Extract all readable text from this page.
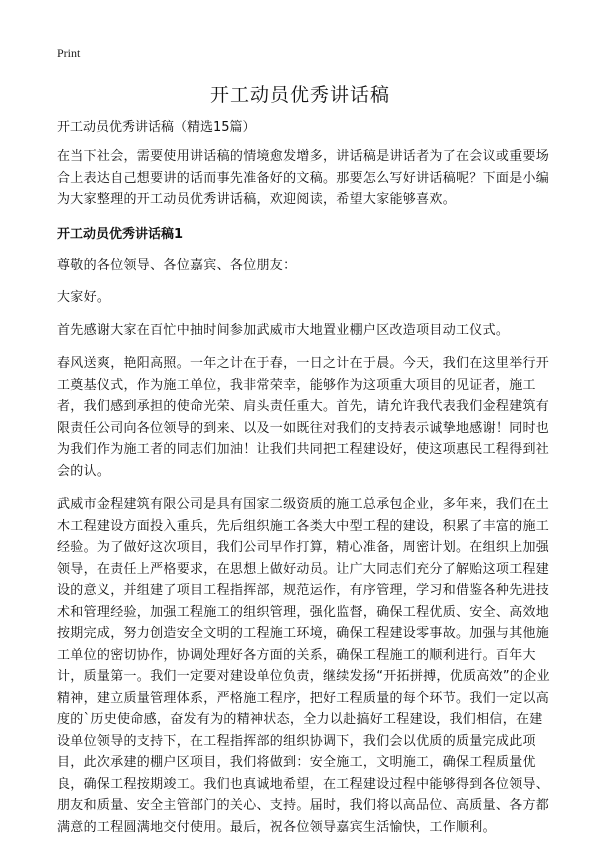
Print
开工动员优秀讲话稿

开工动员优秀讲话稿（精选15篇）

在当下社会，需要使用讲话稿的情境愈发增多，讲话稿是讲话者为了在会议或重要场合上表达自己想要讲的话而事先准备好的文稿。那要怎么写好讲话稿呢？下面是小编为大家整理的开工动员优秀讲话稿，欢迎阅读，希望大家能够喜欢。

开工动员优秀讲话稿1

尊敬的各位领导、各位嘉宾、各位朋友：

大家好。

首先感谢大家在百忙中抽时间参加武威市大地置业棚户区改造项目动工仪式。

春风送爽，艳阳高照。一年之计在于春，一日之计在于晨。今天，我们在这里举行开工奠基仪式，作为施工单位，我非常荣幸，能够作为这项重大项目的见证者，施工者，我们感到承担的使命光荣、肩头责任重大。首先，请允许我代表我们金程建筑有限责任公司向各位领导的到来、以及一如既往对我们的支持表示诚挚地感谢！同时也为我们作为施工者的同志们加油！让我们共同把工程建设好，使这项惠民工程得到社会的认。

武威市金程建筑有限公司是具有国家二级资质的施工总承包企业，多年来，我们在土木工程建设方面投入重兵，先后组织施工各类大中型工程的建设，积累了丰富的施工经验。为了做好这次项目，我们公司早作打算，精心准备，周密计划。在组织上加强领导，在责任上严格要求，在思想上做好动员。让广大同志们充分了解贻这项工程建设的意义，并组建了项目工程指挥部，规范运作，有序管理，学习和借鉴各种先进技术和管理经验，加强工程施工的组织管理，强化监督，确保工程优质、安全、高效地按期完成，努力创造安全文明的工程施工环境，确保工程建设零事故。加强与其他施工单位的密切协作，协调处理好各方面的关系，确保工程施工的顺利进行。百年大计，质量第一。我们一定要对建设单位负责，继续发扬“开拓拼搏，优质高效”的企业精神，建立质量管理体系，严格施工程序，把好工程质量的每个环节。我们一定以高度的`历史使命感，奋发有为的精神状态，全力以赴搞好工程建设，我们相信，在建设单位领导的支持下，在工程指挥部的组织协调下，我们会以优质的质量完成此项目，此次承建的棚户区项目，我们将做到：安全施工，文明施工，确保工程质量优良，确保工程按期竣工。我们也真诚地希望，在工程建设过程中能够得到各位领导、朋友和质量、安全主管部门的关心、支持。届时，我们将以高品位、高质量、各方都满意的工程圆满地交付使用。最后，祝各位领导嘉宾生活愉快，工作顺利。
